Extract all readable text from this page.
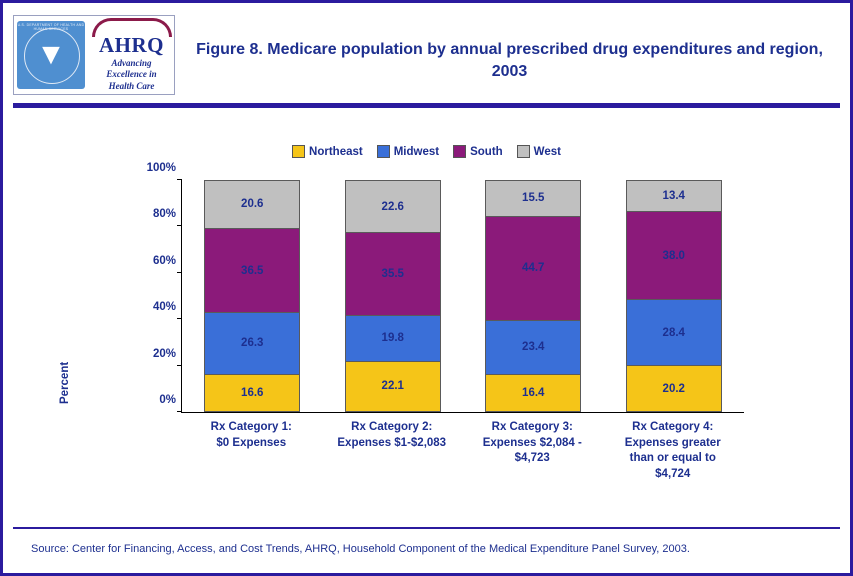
U.S. DEPARTMENT OF HEALTH AND HUMAN SERVICES
▼	AHRQ
Advancing
Excellence in
Health Care
Figure 8. Medicare population by annual prescribed drug expenditures and region, 2003
Northeast	Midwest	South	West
Percent	0%
20%
40%
60%
80%
100%
20.6
36.5
26.3
16.6
22.6
35.5
19.8
22.1
15.5
44.7
23.4
16.4
13.4
38.0
28.4
20.2
Rx Category 1:
$0 Expenses
Rx Category 2:
Expenses $1-$2,083
Rx Category 3:
Expenses $2,084 -
$4,723
Rx Category 4:
Expenses greater
than or equal to
$4,724
Source: Center for Financing, Access, and Cost Trends, AHRQ, Household Component of the Medical Expenditure Panel Survey, 2003.
